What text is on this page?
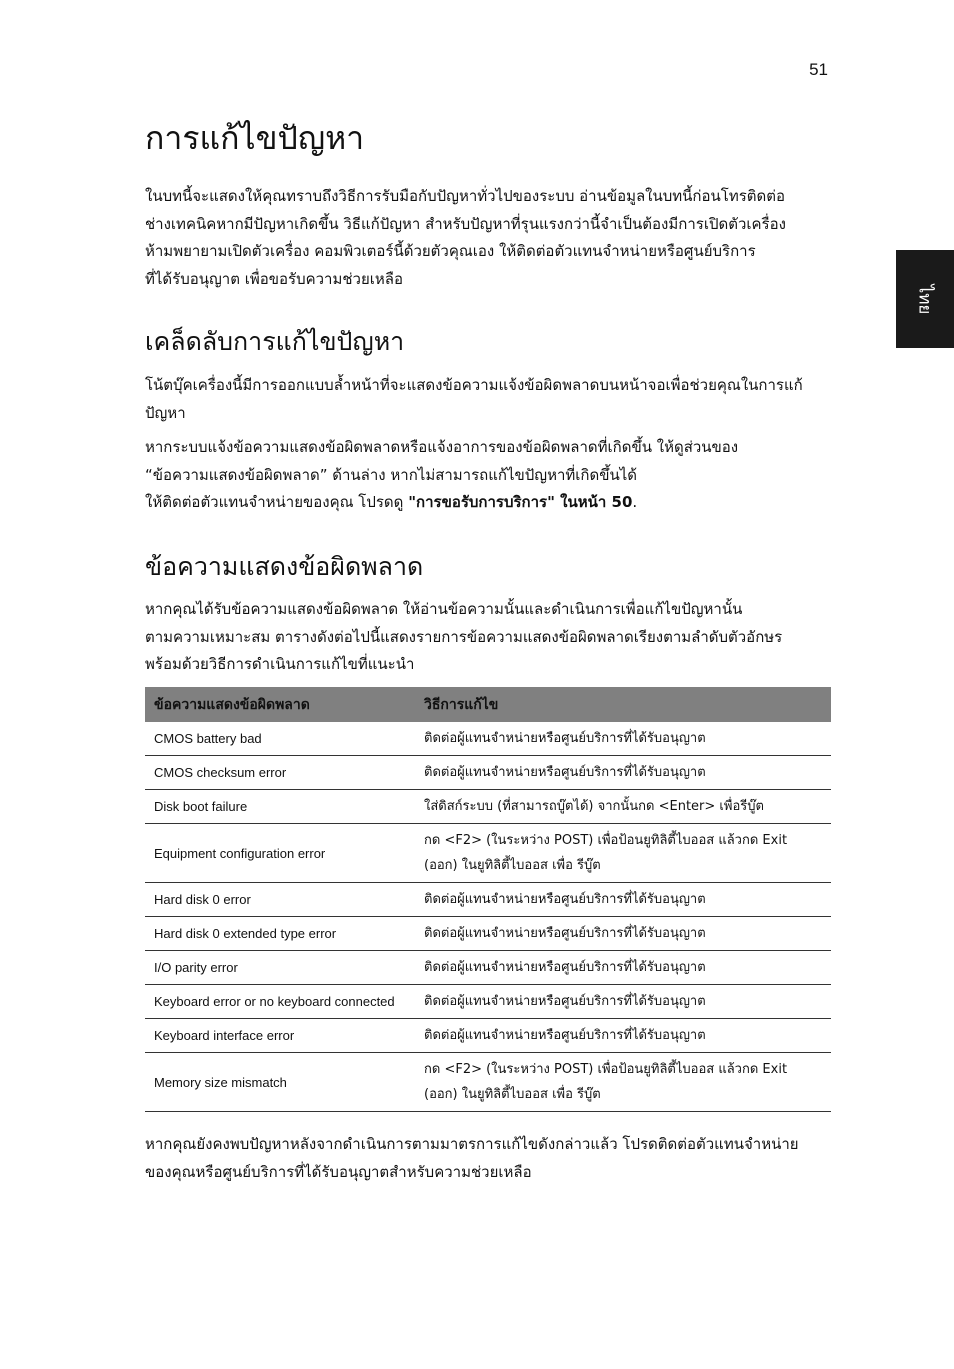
51
ไทย
การแก้ไขปัญหา

ในบทนี้จะแสดงให้คุณทราบถึงวิธีการรับมือกับปัญหาทั่วไปของระบบ อ่านข้อมูลในบทนี้ก่อนโทรติดต่อ
ช่างเทคนิคหากมีปัญหาเกิดขึ้น วิธีแก้ปัญหา สำหรับปัญหาที่รุนแรงกว่านี้จำเป็นต้องมีการเปิดตัวเครื่อง
ห้ามพยายามเปิดตัวเครื่อง คอมพิวเตอร์นี้ด้วยตัวคุณเอง ให้ติดต่อตัวแทนจำหน่ายหรือศูนย์บริการ
ที่ได้รับอนุญาต เพื่อขอรับความช่วยเหลือ

เคล็ดลับการแก้ไขปัญหา

โน้ตบุ๊คเครื่องนี้มีการออกแบบล้ำหน้าที่จะแสดงข้อความแจ้งข้อผิดพลาดบนหน้าจอเพื่อช่วยคุณในการแก้
ปัญหา

หากระบบแจ้งข้อความแสดงข้อผิดพลาดหรือแจ้งอาการของข้อผิดพลาดที่เกิดขึ้น ให้ดูส่วนของ
“ข้อความแสดงข้อผิดพลาด” ด้านล่าง หากไม่สามารถแก้ไขปัญหาที่เกิดขึ้นได้
ให้ติดต่อตัวแทนจำหน่ายของคุณ โปรดดู "การขอรับการบริการ" ในหน้า 50.

ข้อความแสดงข้อผิดพลาด

หากคุณได้รับข้อความแสดงข้อผิดพลาด ให้อ่านข้อความนั้นและดำเนินการเพื่อแก้ไขปัญหานั้น
ตามความเหมาะสม ตารางดังต่อไปนี้แสดงรายการข้อความแสดงข้อผิดพลาดเรียงตามลำดับตัวอักษร
พร้อมด้วยวิธีการดำเนินการแก้ไขที่แนะนำ

ข้อความแสดงข้อผิดพลาด	วิธีการแก้ไข
CMOS battery bad	ติดต่อผู้แทนจำหน่ายหรือศูนย์บริการที่ได้รับอนุญาต
CMOS checksum error	ติดต่อผู้แทนจำหน่ายหรือศูนย์บริการที่ได้รับอนุญาต
Disk boot failure	ใส่ดิสก์ระบบ (ที่สามารถบู๊ตได้) จากนั้นกด <Enter> เพื่อรีบู๊ต
Equipment configuration error	กด <F2> (ในระหว่าง POST) เพื่อป้อนยูทิลิตี้ไบออส แล้วกด Exit (ออก) ในยูทิลิตี้ไบออส เพื่อ รีบู๊ต
Hard disk 0 error	ติดต่อผู้แทนจำหน่ายหรือศูนย์บริการที่ได้รับอนุญาต
Hard disk 0 extended type error	ติดต่อผู้แทนจำหน่ายหรือศูนย์บริการที่ได้รับอนุญาต
I/O parity error	ติดต่อผู้แทนจำหน่ายหรือศูนย์บริการที่ได้รับอนุญาต
Keyboard error or no keyboard connected	ติดต่อผู้แทนจำหน่ายหรือศูนย์บริการที่ได้รับอนุญาต
Keyboard interface error	ติดต่อผู้แทนจำหน่ายหรือศูนย์บริการที่ได้รับอนุญาต
Memory size mismatch	กด <F2> (ในระหว่าง POST) เพื่อป้อนยูทิลิตี้ไบออส แล้วกด Exit (ออก) ในยูทิลิตี้ไบออส เพื่อ รีบู๊ต

หากคุณยังคงพบปัญหาหลังจากดำเนินการตามมาตรการแก้ไขดังกล่าวแล้ว โปรดติดต่อตัวแทนจำหน่าย
ของคุณหรือศูนย์บริการที่ได้รับอนุญาตสำหรับความช่วยเหลือ
